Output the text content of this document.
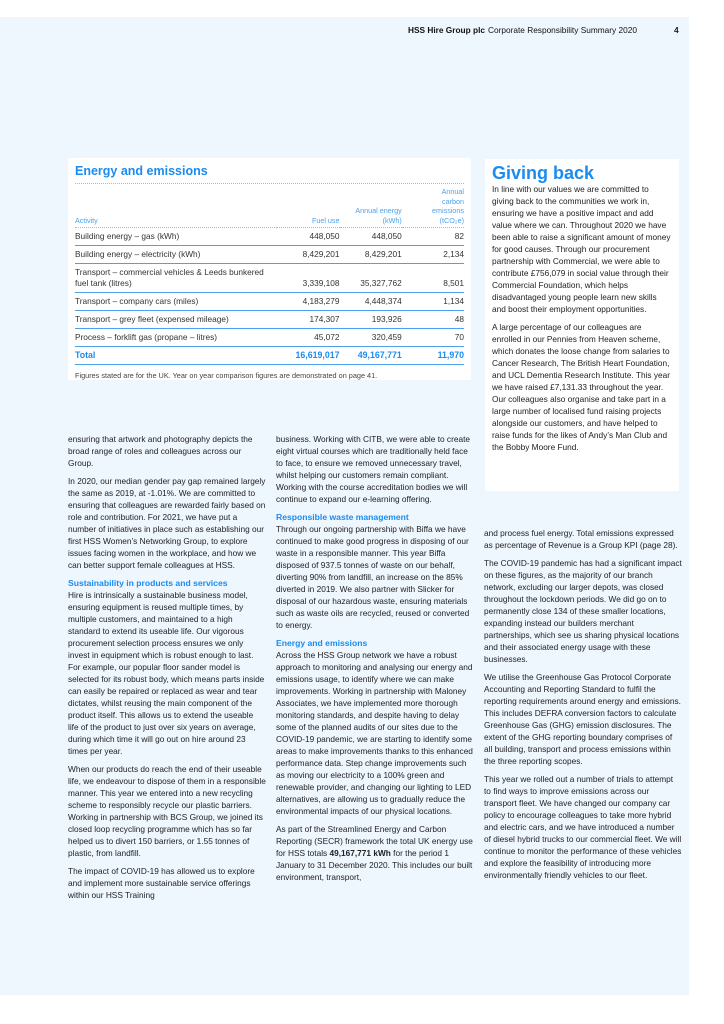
HSS Hire Group plc Corporate Responsibility Summary 2020	4
Energy and emissions
Activity	Fuel use	Annual energy (kWh)	Annual carbon emissions (tCO₂e)
Building energy – gas (kWh)	448,050	448,050	82
Building energy – electricity (kWh)	8,429,201	8,429,201	2,134
Transport – commercial vehicles & Leeds bunkered fuel tank (litres)	3,339,108	35,327,762	8,501
Transport – company cars (miles)	4,183,279	4,448,374	1,134
Transport – grey fleet (expensed mileage)	174,307	193,926	48
Process – forklift gas (propane – litres)	45,072	320,459	70
Total	16,619,017	49,167,771	11,970
Figures stated are for the UK. Year on year comparison figures are demonstrated on page 41.
Giving back

In line with our values we are committed to giving back to the communities we work in, ensuring we have a positive impact and add value where we can. Throughout 2020 we have been able to raise a significant amount of money for good causes. Through our procurement partnership with Commercial, we were able to contribute £756,079 in social value through their Commercial Foundation, which helps disadvantaged young people learn new skills and boost their employment opportunities.

A large percentage of our colleagues are enrolled in our Pennies from Heaven scheme, which donates the loose change from salaries to Cancer Research, The British Heart Foundation, and UCL Dementia Research Institute. This year we have raised £7,131.33 throughout the year. Our colleagues also organise and take part in a large number of localised fund raising projects alongside our customers, and have helped to raise funds for the likes of Andy’s Man Club and the Bobby Moore Fund.

ensuring that artwork and photography depicts the broad range of roles and colleagues across our Group.

In 2020, our median gender pay gap remained largely the same as 2019, at -1.01%. We are committed to ensuring that colleagues are rewarded fairly based on role and contribution. For 2021, we have put a number of initiatives in place such as establishing our first HSS Women’s Networking Group, to explore issues facing women in the workplace, and how we can better support female colleagues at HSS.

Sustainability in products and services

Hire is intrinsically a sustainable business model, ensuring equipment is reused multiple times, by multiple customers, and maintained to a high standard to extend its useable life. Our vigorous procurement selection process ensures we only invest in equipment which is robust enough to last. For example, our popular floor sander model is selected for its robust body, which means parts inside can easily be repaired or replaced as wear and tear dictates, whilst reusing the main component of the product itself. This allows us to extend the useable life of the product to just over six years on average, during which time it will go out on hire around 23 times per year.

When our products do reach the end of their useable life, we endeavour to dispose of them in a responsible manner. This year we entered into a new recycling scheme to responsibly recycle our plastic barriers. Working in partnership with BCS Group, we joined its closed loop recycling programme which has so far helped us to divert 150 barriers, or 1.55 tonnes of plastic, from landfill.

The impact of COVID-19 has allowed us to explore and implement more sustainable service offerings within our HSS Training

business. Working with CITB, we were able to create eight virtual courses which are traditionally held face to face, to ensure we removed unnecessary travel, whilst helping our customers remain compliant. Working with the course accreditation bodies we will continue to expand our e-learning offering.

Responsible waste management

Through our ongoing partnership with Biffa we have continued to make good progress in disposing of our waste in a responsible manner. This year Biffa disposed of 937.5 tonnes of waste on our behalf, diverting 90% from landfill, an increase on the 85% diverted in 2019. We also partner with Slicker for disposal of our hazardous waste, ensuring materials such as waste oils are recycled, reused or converted to energy.

Energy and emissions

Across the HSS Group network we have a robust approach to monitoring and analysing our energy and emissions usage, to identify where we can make improvements. Working in partnership with Maloney Associates, we have implemented more thorough monitoring standards, and despite having to delay some of the planned audits of our sites due to the COVID-19 pandemic, we are starting to identify some areas to make improvements thanks to this enhanced performance data. Step change improvements such as moving our electricity to a 100% green and renewable provider, and changing our lighting to LED alternatives, are allowing us to gradually reduce the environmental impacts of our physical locations.

As part of the Streamlined Energy and Carbon Reporting (SECR) framework the total UK energy use for HSS totals 49,167,771 kWh for the period 1 January to 31 December 2020. This includes our built environment, transport,

and process fuel energy. Total emissions expressed as percentage of Revenue is a Group KPI (page 28).

The COVID-19 pandemic has had a significant impact on these figures, as the majority of our branch network, excluding our larger depots, was closed throughout the lockdown periods. We did go on to permanently close 134 of these smaller locations, expanding instead our builders merchant partnerships, which see us sharing physical locations and their associated energy usage with these businesses.

We utilise the Greenhouse Gas Protocol Corporate Accounting and Reporting Standard to fulfil the reporting requirements around energy and emissions. This includes DEFRA conversion factors to calculate Greenhouse Gas (GHG) emission disclosures. The extent of the GHG reporting boundary comprises of all building, transport and process emissions within the three reporting scopes.

This year we rolled out a number of trials to attempt to find ways to improve emissions across our transport fleet. We have changed our company car policy to encourage colleagues to take more hybrid and electric cars, and we have introduced a number of diesel hybrid trucks to our commercial fleet. We will continue to monitor the performance of these vehicles and explore the feasibility of introducing more environmentally friendly vehicles to our fleet.
